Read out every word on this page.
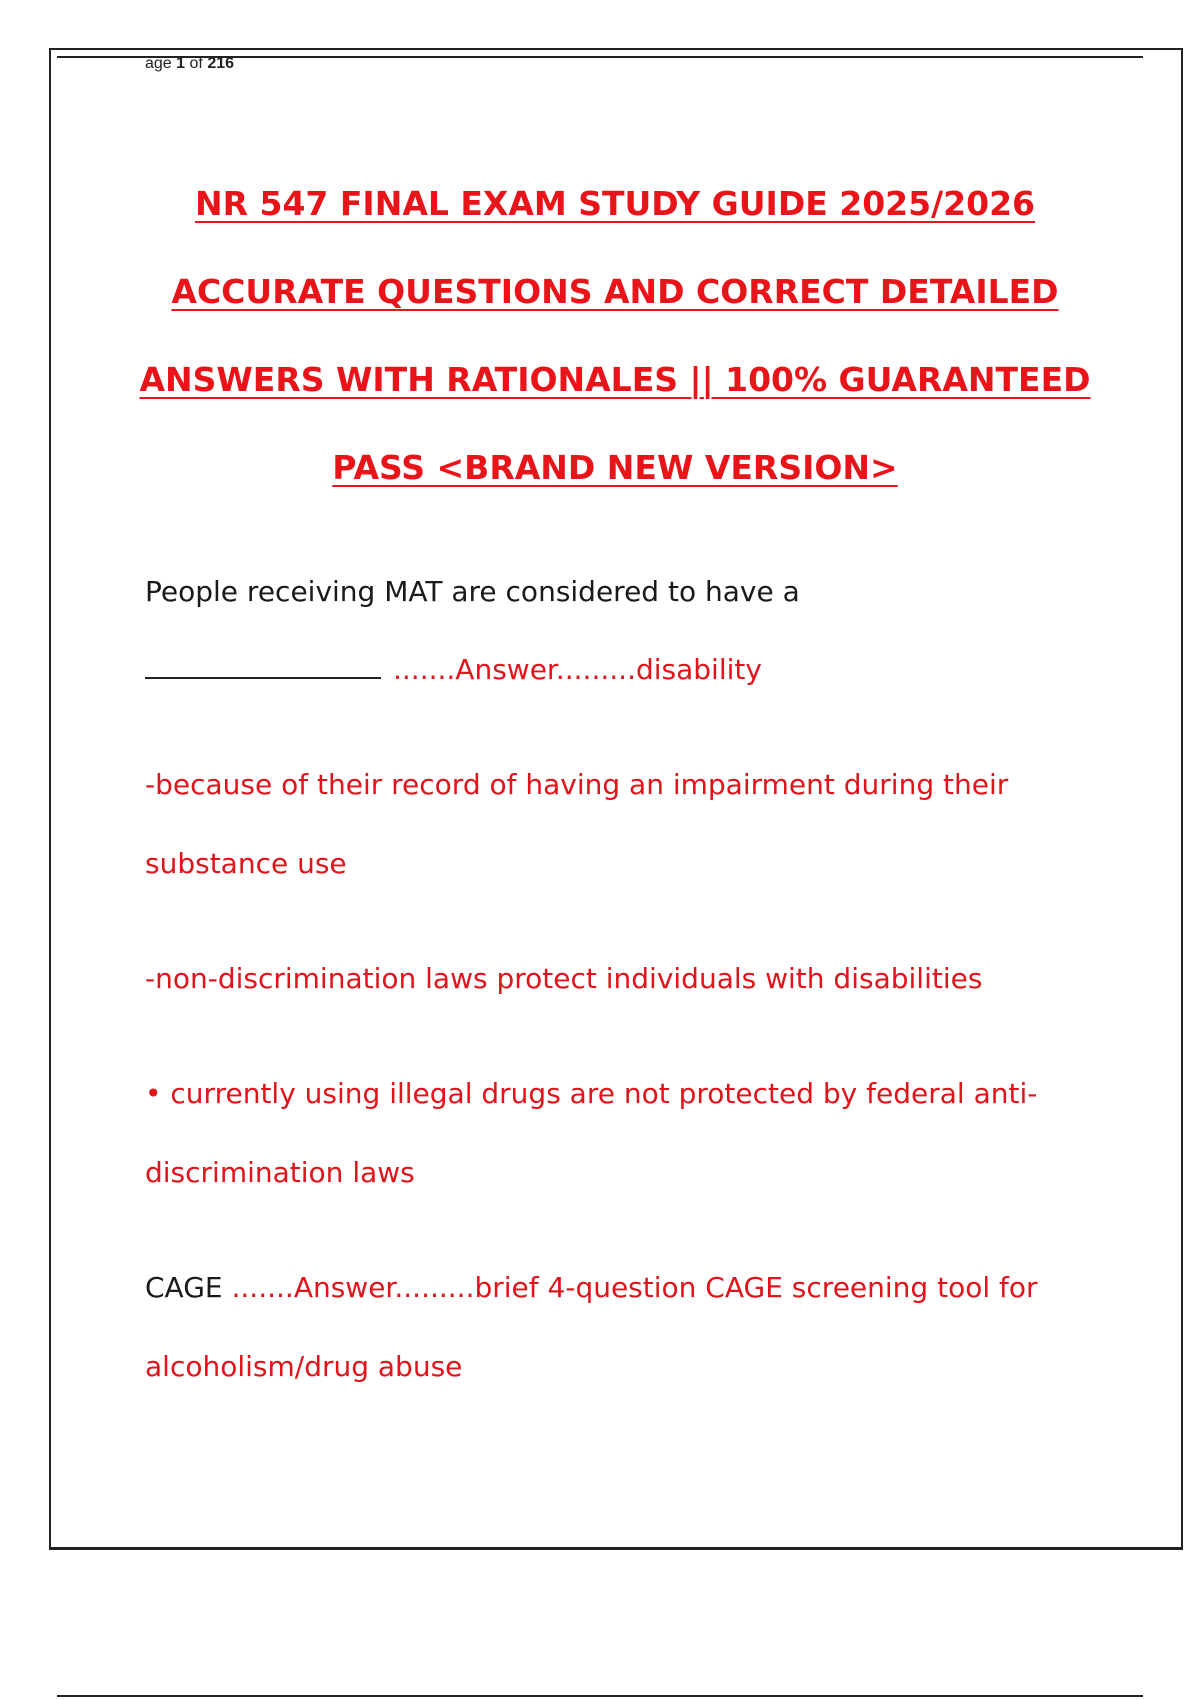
age 1 of 216
NR 547 FINAL EXAM STUDY GUIDE 2025/2026
ACCURATE QUESTIONS AND CORRECT DETAILED
ANSWERS WITH RATIONALES || 100% GUARANTEED
PASS <BRAND NEW VERSION>
People receiving MAT are considered to have a
.......Answer.........disability
-because of their record of having an impairment during their
substance use
-non-discrimination laws protect individuals with disabilities
• currently using illegal drugs are not protected by federal anti-
discrimination laws
CAGE .......Answer.........brief 4-question CAGE screening tool for
alcoholism/drug abuse
